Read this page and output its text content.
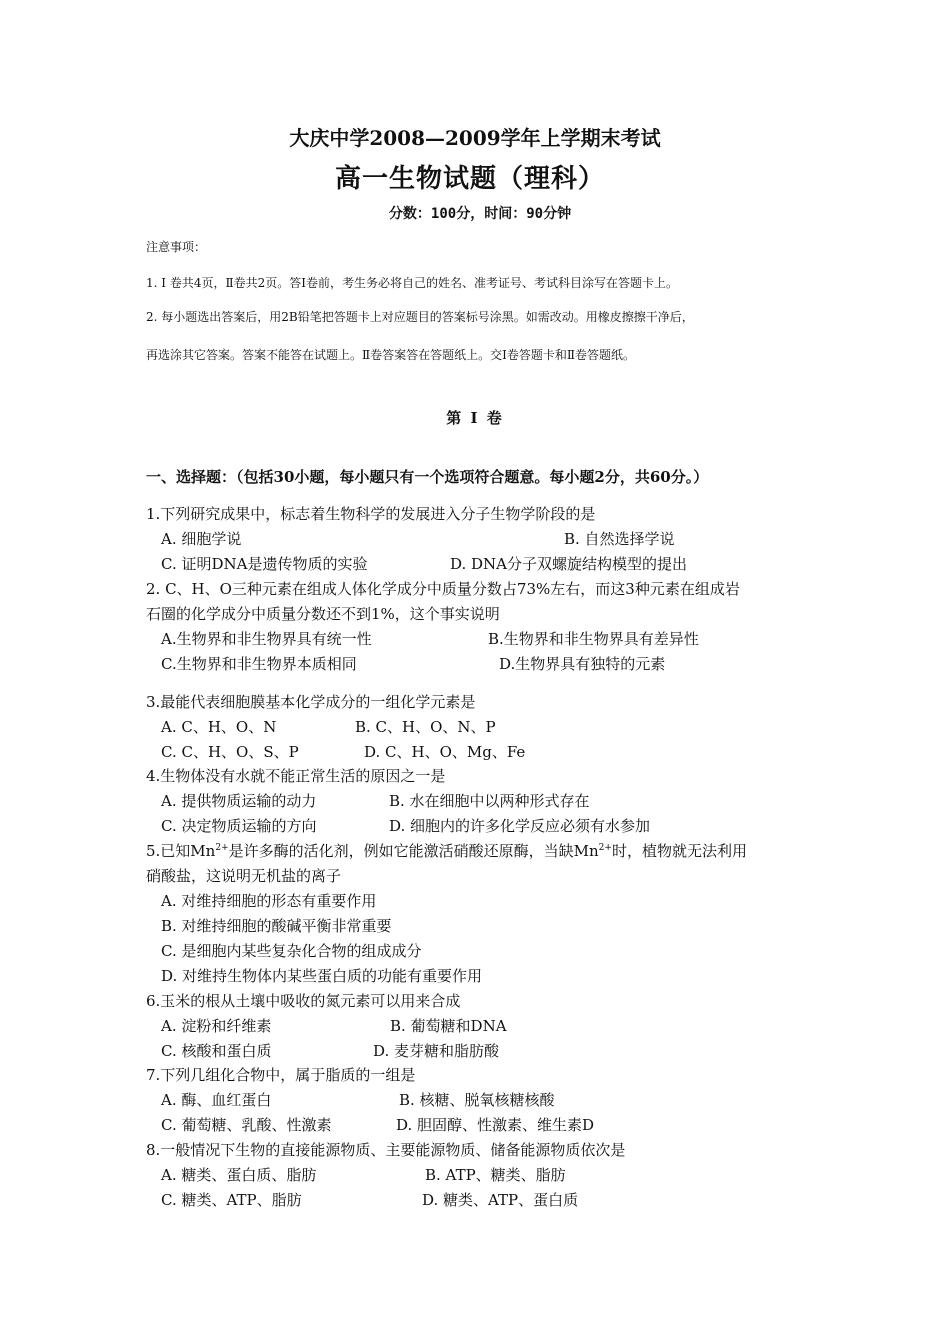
大庆中学2008—2009学年上学期末考试
高一生物试题（理科）
分数：100分，时间：90分钟
注意事项：
1. Ⅰ 卷共4页，Ⅱ卷共2页。答Ⅰ卷前，考生务必将自己的姓名、准考证号、考试科目涂写在答题卡上。
2. 每小题选出答案后，用2B铅笔把答题卡上对应题目的答案标号涂黑。如需改动。用橡皮擦擦干净后，
再选涂其它答案。答案不能答在试题上。Ⅱ卷答案答在答题纸上。交Ⅰ卷答题卡和Ⅱ卷答题纸。
第 Ⅰ 卷
一、选择题：（包括30小题，每小题只有一个选项符合题意。每小题2分，共60分。）
1.下列研究成果中，标志着生物科学的发展进入分子生物学阶段的是
A. 细胞学说	B. 自然选择学说
C. 证明DNA是遗传物质的实验	D. DNA分子双螺旋结构模型的提出
2. C、H、O三种元素在组成人体化学成分中质量分数占73%左右，而这3种元素在组成岩
石圈的化学成分中质量分数还不到1%，这个事实说明
A.生物界和非生物界具有统一性	B.生物界和非生物界具有差异性
C.生物界和非生物界本质相同	D.生物界具有独特的元素
3.最能代表细胞膜基本化学成分的一组化学元素是
A. C、H、O、N	B. C、H、O、N、P
C. C、H、O、S、P	D. C、H、O、Mg、Fe
4.生物体没有水就不能正常生活的原因之一是
A. 提供物质运输的动力	B. 水在细胞中以两种形式存在
C. 决定物质运输的方向	D. 细胞内的许多化学反应必须有水参加
5.已知$Mn^{2+}$是许多酶的活化剂，例如它能激活硝酸还原酶，当缺$Mn^{2+}$时，植物就无法利用
硝酸盐，这说明无机盐的离子
A. 对维持细胞的形态有重要作用
B. 对维持细胞的酸碱平衡非常重要
C. 是细胞内某些复杂化合物的组成成分
D. 对维持生物体内某些蛋白质的功能有重要作用
6.玉米的根从土壤中吸收的氮元素可以用来合成
A. 淀粉和纤维素	B. 葡萄糖和DNA
C. 核酸和蛋白质	D. 麦芽糖和脂肪酸
7.下列几组化合物中，属于脂质的一组是
A. 酶、血红蛋白	B. 核糖、脱氧核糖核酸
C. 葡萄糖、乳酸、性激素	D. 胆固醇、性激素、维生素D
8.一般情况下生物的直接能源物质、主要能源物质、储备能源物质依次是
A. 糖类、蛋白质、脂肪	B. ATP、糖类、脂肪
C. 糖类、ATP、脂肪	D. 糖类、ATP、蛋白质
